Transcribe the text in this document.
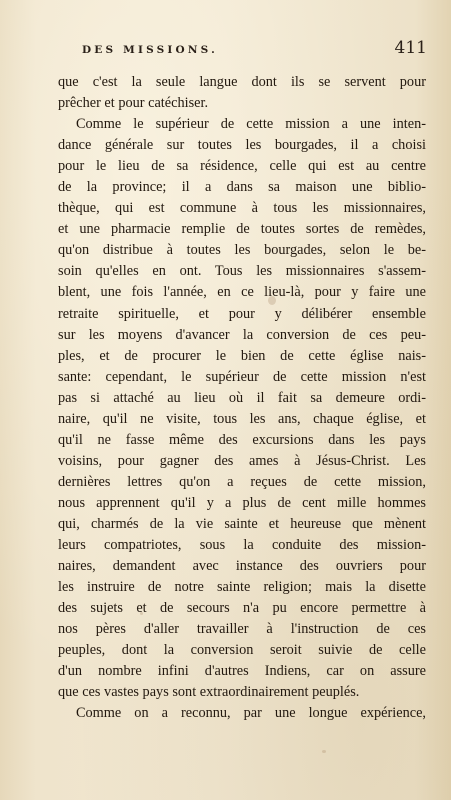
DES MISSIONS.	411
que c'est la seule langue dont ils se servent pour
prêcher et pour catéchiser.
Comme le supérieur de cette mission a une inten-
dance générale sur toutes les bourgades, il a choisi
pour le lieu de sa résidence, celle qui est au centre
de la province; il a dans sa maison une biblio-
thèque, qui est commune à tous les missionnaires,
et une pharmacie remplie de toutes sortes de remèdes,
qu'on distribue à toutes les bourgades, selon le be-
soin qu'elles en ont. Tous les missionnaires s'assem-
blent, une fois l'année, en ce lieu-là, pour y faire une
retraite spirituelle, et pour y délibérer ensemble
sur les moyens d'avancer la conversion de ces peu-
ples, et de procurer le bien de cette église nais-
sante: cependant, le supérieur de cette mission n'est
pas si attaché au lieu où il fait sa demeure ordi-
naire, qu'il ne visite, tous les ans, chaque église, et
qu'il ne fasse même des excursions dans les pays
voisins, pour gagner des ames à Jésus-Christ. Les
dernières lettres qu'on a reçues de cette mission,
nous apprennent qu'il y a plus de cent mille hommes
qui, charmés de la vie sainte et heureuse que mènent
leurs compatriotes, sous la conduite des mission-
naires, demandent avec instance des ouvriers pour
les instruire de notre sainte religion; mais la disette
des sujets et de secours n'a pu encore permettre à
nos pères d'aller travailler à l'instruction de ces
peuples, dont la conversion seroit suivie de celle
d'un nombre infini d'autres Indiens, car on assure
que ces vastes pays sont extraordinairement peuplés.
Comme on a reconnu, par une longue expérience,
